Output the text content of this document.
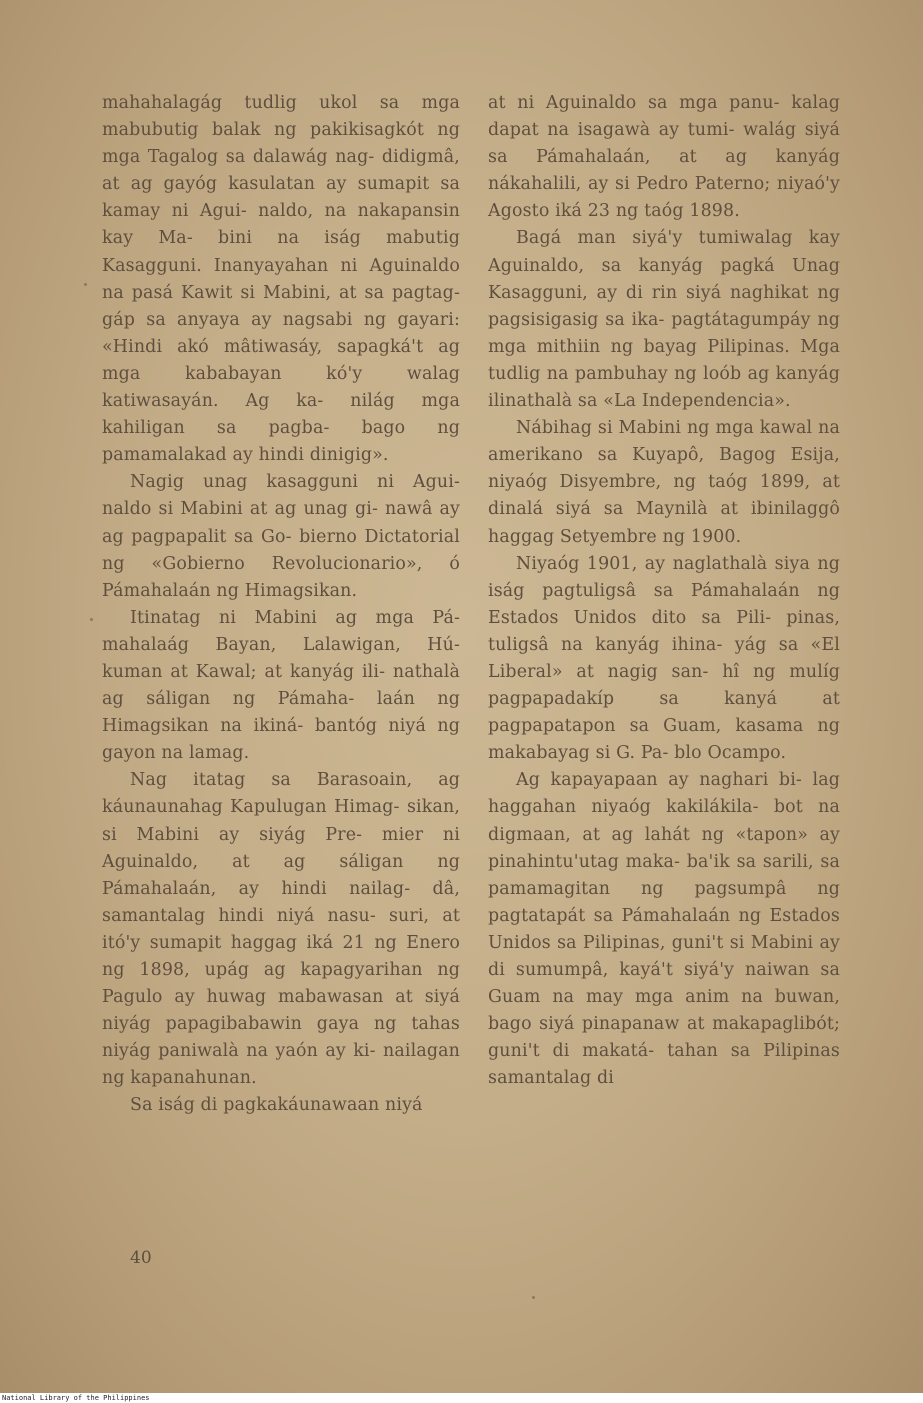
mahahalagág tudlig ukol sa mga mabubutig balak ng pakikisagkót ng mga Tagalog sa dalawág nag- didigmâ, at ag gayóg kasulatan ay sumapit sa kamay ni Agui- naldo, na nakapansin kay Ma- bini na iság mabutig Kasagguni. Inanyayahan ni Aguinaldo na pasá Kawit si Mabini, at sa pagtag- gáp sa anyaya ay nagsabi ng gayari: «Hindi akó mâtiwasáy, sapagká't ag mga kababayan kó'y walag katiwasayán. Ag ka- nilág mga kahiligan sa pagba- bago ng pamamalakad ay hindi dinigig».

Nagig unag kasagguni ni Agui- naldo si Mabini at ag unag gi- nawâ ay ag pagpapalit sa Go- bierno Dictatorial ng «Gobierno Revolucionario», ó Pámahalaán ng Himagsikan.

Itinatag ni Mabini ag mga Pá- mahalaág Bayan, Lalawigan, Hú- kuman at Kawal; at kanyág ili- nathalà ag sáligan ng Pámaha- laán ng Himagsikan na ikiná- bantóg niyá ng gayon na lamag.

Nag itatag sa Barasoain, ag káunaunahag Kapulugan Himag- sikan, si Mabini ay siyág Pre- mier ni Aguinaldo, at ag sáligan ng Pámahalaán, ay hindi nailag- dâ, samantalag hindi niyá nasu- suri, at itó'y sumapit haggag iká 21 ng Enero ng 1898, upág ag kapagyarihan ng Pagulo ay huwag mabawasan at siyá niyág papagibabawin gaya ng tahas niyág paniwalà na yaón ay ki- nailagan ng kapanahunan.

Sa iság di pagkakáunawaan niyá

at ni Aguinaldo sa mga panu- kalag dapat na isagawà ay tumi- walág siyá sa Pámahalaán, at ag kanyág nákahalili, ay si Pedro Paterno; niyaó'y Agosto iká 23 ng taóg 1898.

Bagá man siyá'y tumiwalag kay Aguinaldo, sa kanyág pagká Unag Kasagguni, ay di rin siyá naghikat ng pagsisigasig sa ika- pagtátagumpáy ng mga mithiin ng bayag Pilipinas. Mga tudlig na pambuhay ng loób ag kanyág ilinathalà sa «La Independencia».

Nábihag si Mabini ng mga kawal na amerikano sa Kuyapô, Bagog Esija, niyaóg Disyembre, ng taóg 1899, at dinalá siyá sa Maynilà at ibinilaggô haggag Setyembre ng 1900.

Niyaóg 1901, ay naglathalà siya ng iság pagtuligsâ sa Pámahalaán ng Estados Unidos dito sa Pili- pinas, tuligsâ na kanyág ihina- yág sa «El Liberal» at nagig san- hî ng mulíg pagpapadakíp sa kanyá at pagpapatapon sa Guam, kasama ng makabayag si G. Pa- blo Ocampo.

Ag kapayapaan ay naghari bi- lag haggahan niyaóg kakilákila- bot na digmaan, at ag lahát ng «tapon» ay pinahintu'utag maka- ba'ik sa sarili, sa pamamagitan ng pagsumpâ ng pagtatapát sa Pámahalaán ng Estados Unidos sa Pilipinas, guni't si Mabini ay di sumumpâ, kayá't siyá'y naiwan sa Guam na may mga anim na buwan, bago siyá pinapanaw at makapaglibót; guni't di makatá- tahan sa Pilipinas samantalag di

40
National Library of the Philippines
